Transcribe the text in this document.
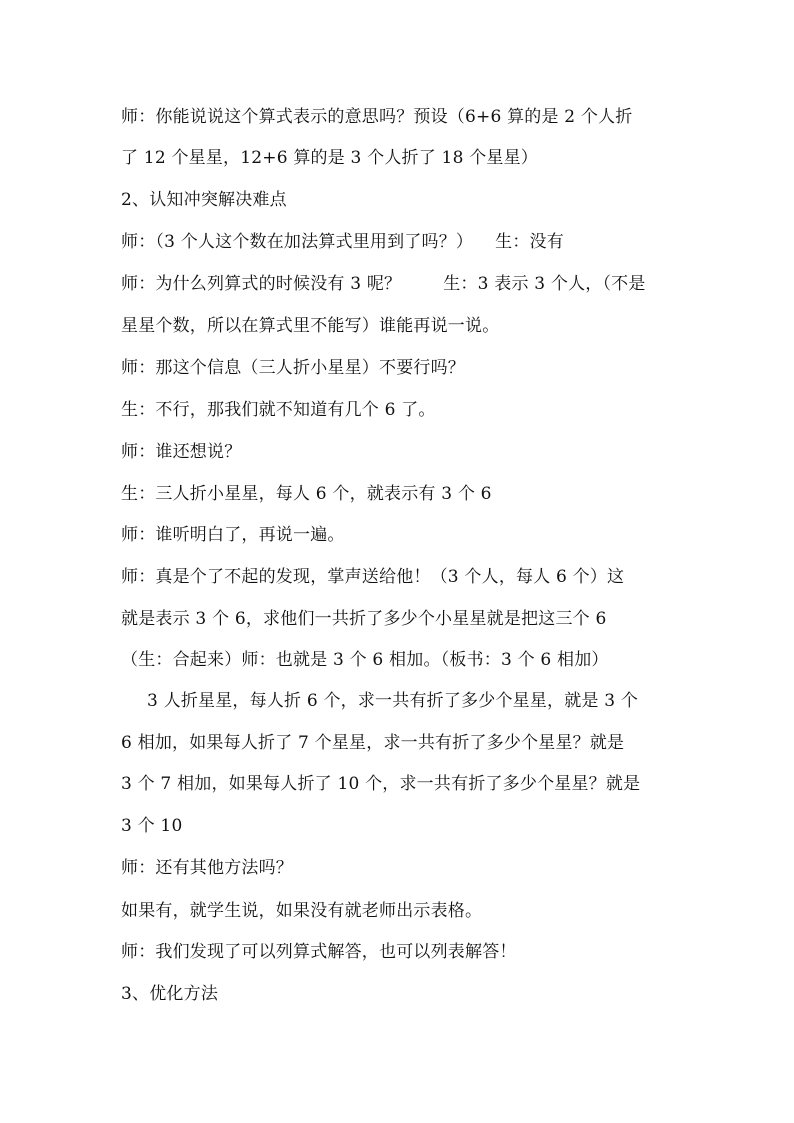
师：你能说说这个算式表示的意思吗？预设（6+6 算的是 2 个人折
了 12 个星星，12+6 算的是 3 个人折了 18 个星星）
2、认知冲突解决难点
师：（3 个人这个数在加法算式里用到了吗？） 生：没有
师：为什么列算式的时候没有 3 呢？ 生：3 表示 3 个人，（不是
星星个数，所以在算式里不能写）谁能再说一说。
师：那这个信息（三人折小星星）不要行吗？
生：不行，那我们就不知道有几个 6 了。
师：谁还想说？
生：三人折小星星，每人 6 个，就表示有 3 个 6
师：谁听明白了，再说一遍。
师：真是个了不起的发现，掌声送给他！（3 个人，每人 6 个）这
就是表示 3 个 6，求他们一共折了多少个小星星就是把这三个 6
（生：合起来）师：也就是 3 个 6 相加。（板书：3 个 6 相加）
3 人折星星，每人折 6 个，求一共有折了多少个星星，就是 3 个
6 相加，如果每人折了 7 个星星，求一共有折了多少个星星？就是
3 个 7 相加，如果每人折了 10 个，求一共有折了多少个星星？就是
3 个 10
师：还有其他方法吗？
如果有，就学生说，如果没有就老师出示表格。
师：我们发现了可以列算式解答，也可以列表解答！
3、优化方法
